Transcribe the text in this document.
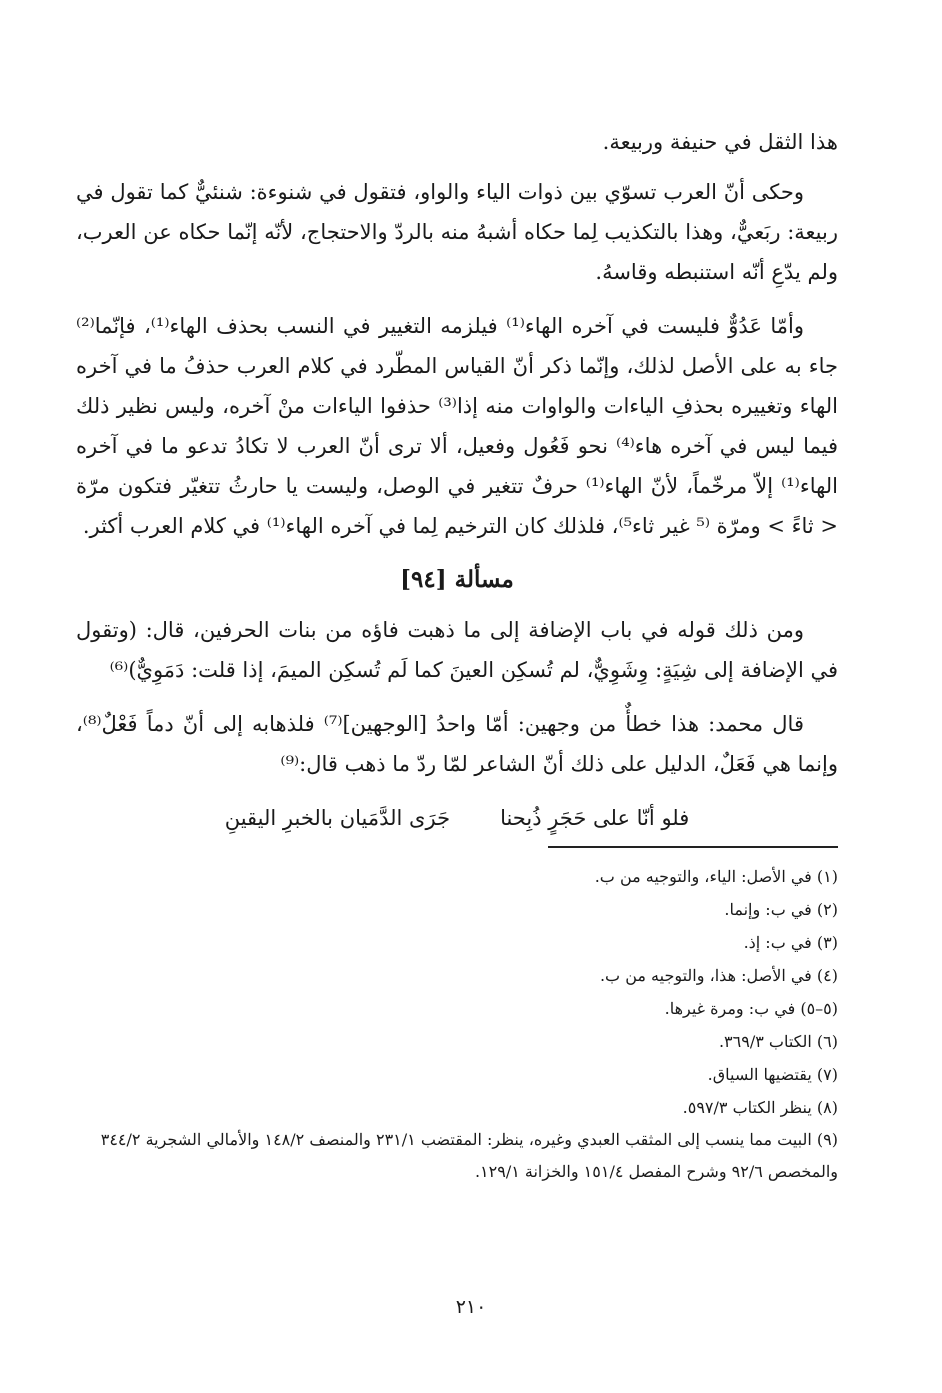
هذا الثقل في حنيفة وربيعة.

وحكى أنّ العرب تسوّي بين ذوات الياء والواو، فتقول في شنوءة: شنئيٌّ كما تقول في ربيعة: ربَعيٌّ، وهذا بالتكذيب لِما حكاه أشبهُ منه بالردّ والاحتجاج، لأنّه إنّما حكاه عن العرب، ولم يدّعِ أنّه استنبطه وقاسهُ.

وأمّا عَدُوٌّ فليست في آخره الهاء⁽¹⁾ فيلزمه التغيير في النسب بحذف الهاء⁽¹⁾، فإنّما⁽²⁾ جاء به على الأصل لذلك، وإنّما ذكر أنّ القياس المطّرد في كلام العرب حذفُ ما في آخره الهاء وتغييره بحذفِ الياءات والواوات منه إذا⁽³⁾ حذفوا الياءات منْ آخره، وليس نظير ذلك فيما ليس في آخره هاء⁽⁴⁾ نحو فَعُول وفعيل، ألا ترى أنّ العرب لا تكادُ تدعو ما في آخره الهاء⁽¹⁾ إلاّ مرخّماً، لأنّ الهاء⁽¹⁾ حرفٌ تتغير في الوصل، وليست يا حارثُ تتغيّر فتكون مرّة < ثاءً > ومرّة ⁽⁵ غير ثاء⁵⁾، فلذلك كان الترخيم لِما في آخره الهاء⁽¹⁾ في كلام العرب أكثر.

مسألة [٩٤]

ومن ذلك قوله في باب الإضافة إلى ما ذهبت فاؤه من بنات الحرفين، قال: (وتقول في الإضافة إلى شِيَةٍ: وِشَوِيٌّ، لم تُسكِن العينَ كما لَم تُسكِن الميمَ، إذا قلت: دَمَوِيٌّ)⁽⁶⁾

قال محمد: هذا خطأٌ من وجهين: أمّا واحدُ [الوجهين]⁽⁷⁾ فلذهابه إلى أنّ دماً فَعْلٌ⁽⁸⁾، وإنما هي فَعَلٌ، الدليل على ذلك أنّ الشاعر لمّا ردّ ما ذهب قال:⁽⁹⁾

فلو أنّا على حَجَرٍ ذُبِحنا
جَرَى الدَّمَيان بالخبرِ اليقينِ

(١) في الأصل: الياء، والتوجيه من ب.

(٢) في ب: وإنما.

(٣) في ب: إذ.

(٤) في الأصل: هذا، والتوجيه من ب.

(٥–٥) في ب: ومرة غيرها.

(٦) الكتاب ٣٦٩/٣.

(٧) يقتضيها السياق.

(٨) ينظر الكتاب ٥٩٧/٣.

(٩) البيت مما ينسب إلى المثقب العبدي وغيره، ينظر: المقتضب ٢٣١/١ والمنصف ١٤٨/٢ والأمالي الشجرية ٣٤٤/٢ والمخصص ٩٢/٦ وشرح المفصل ١٥١/٤ والخزانة ١٢٩/١.

٢١٠
